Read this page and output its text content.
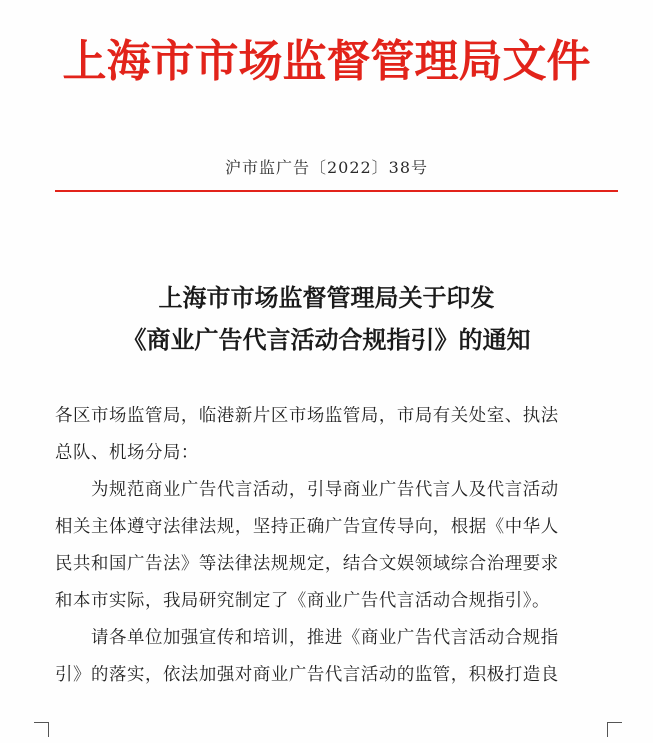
上海市市场监督管理局文件
沪市监广告〔2022〕38号
上海市市场监督管理局关于印发
《商业广告代言活动合规指引》的通知
各区市场监管局，临港新片区市场监管局，市局有关处室、执法
总队、机场分局：
　　为规范商业广告代言活动，引导商业广告代言人及代言活动
相关主体遵守法律法规，坚持正确广告宣传导向，根据《中华人
民共和国广告法》等法律法规规定，结合文娱领域综合治理要求
和本市实际，我局研究制定了《商业广告代言活动合规指引》。
　　请各单位加强宣传和培训，推进《商业广告代言活动合规指
引》的落实，依法加强对商业广告代言活动的监管，积极打造良
